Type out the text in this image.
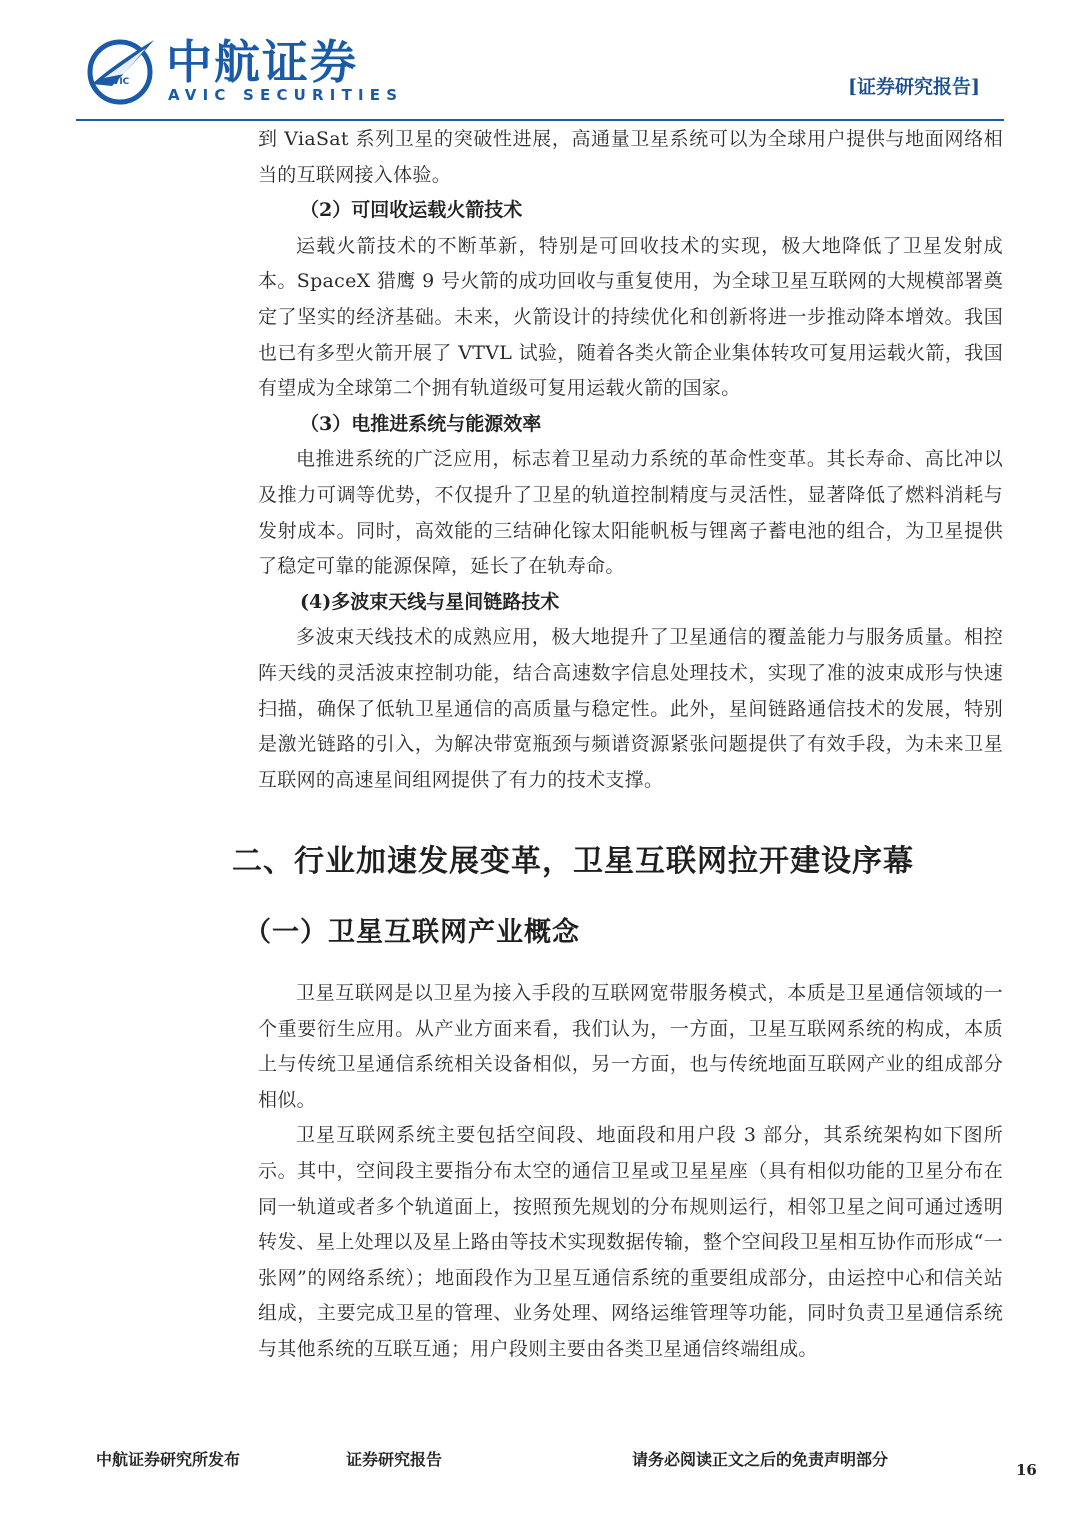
AVIC 中航证券
AVIC SECURITIES	[证券研究报告]

到 ViaSat 系列卫星的突破性进展，高通量卫星系统可以为全球用户提供与地面网络相当的互联网接入体验。

（2）可回收运载火箭技术

运载火箭技术的不断革新，特别是可回收技术的实现，极大地降低了卫星发射成本。SpaceX 猎鹰 9 号火箭的成功回收与重复使用，为全球卫星互联网的大规模部署奠定了坚实的经济基础。未来，火箭设计的持续优化和创新将进一步推动降本增效。我国也已有多型火箭开展了 VTVL 试验，随着各类火箭企业集体转攻可复用运载火箭，我国有望成为全球第二个拥有轨道级可复用运载火箭的国家。

（3）电推进系统与能源效率

电推进系统的广泛应用，标志着卫星动力系统的革命性变革。其长寿命、高比冲以及推力可调等优势，不仅提升了卫星的轨道控制精度与灵活性，显著降低了燃料消耗与发射成本。同时，高效能的三结砷化镓太阳能帆板与锂离子蓄电池的组合，为卫星提供了稳定可靠的能源保障，延长了在轨寿命。

(4)多波束天线与星间链路技术

多波束天线技术的成熟应用，极大地提升了卫星通信的覆盖能力与服务质量。相控阵天线的灵活波束控制功能，结合高速数字信息处理技术，实现了准的波束成形与快速扫描，确保了低轨卫星通信的高质量与稳定性。此外，星间链路通信技术的发展，特别是激光链路的引入，为解决带宽瓶颈与频谱资源紧张问题提供了有效手段，为未来卫星互联网的高速星间组网提供了有力的技术支撑。

二、行业加速发展变革，卫星互联网拉开建设序幕
（一）卫星互联网产业概念

卫星互联网是以卫星为接入手段的互联网宽带服务模式，本质是卫星通信领域的一个重要衍生应用。从产业方面来看，我们认为，一方面，卫星互联网系统的构成，本质上与传统卫星通信系统相关设备相似，另一方面，也与传统地面互联网产业的组成部分相似。

卫星互联网系统主要包括空间段、地面段和用户段 3 部分，其系统架构如下图所示。其中，空间段主要指分布太空的通信卫星或卫星星座（具有相似功能的卫星分布在同一轨道或者多个轨道面上，按照预先规划的分布规则运行，相邻卫星之间可通过透明转发、星上处理以及星上路由等技术实现数据传输，整个空间段卫星相互协作而形成“一张网”的网络系统）；地面段作为卫星互通信系统的重要组成部分，由运控中心和信关站组成，主要完成卫星的管理、业务处理、网络运维管理等功能，同时负责卫星通信系统与其他系统的互联互通；用户段则主要由各类卫星通信终端组成。

中航证券研究所发布	证券研究报告	请务必阅读正文之后的免责声明部分
16
